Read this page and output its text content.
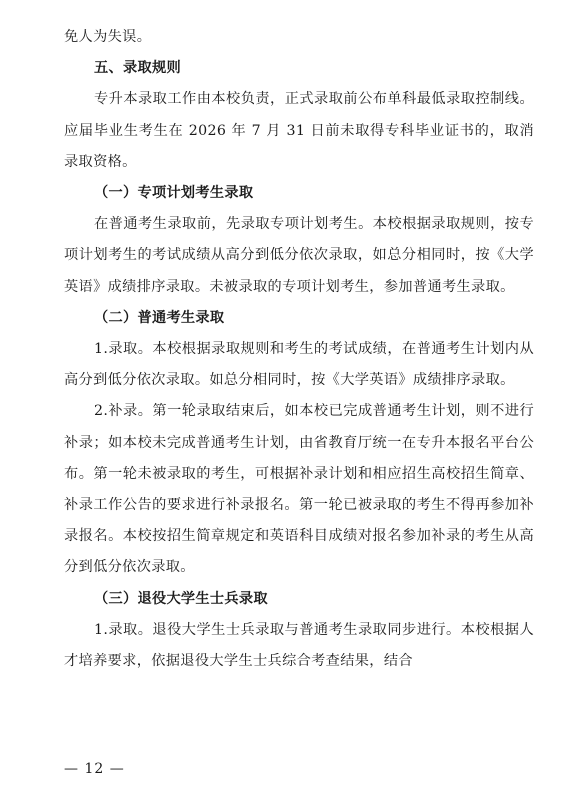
免人为失误。

五、录取规则

专升本录取工作由本校负责，正式录取前公布单科最低录取控制线。应届毕业生考生在 2026 年 7 月 31 日前未取得专科毕业证书的，取消录取资格。

（一）专项计划考生录取

在普通考生录取前，先录取专项计划考生。本校根据录取规则，按专项计划考生的考试成绩从高分到低分依次录取，如总分相同时，按《大学英语》成绩排序录取。未被录取的专项计划考生，参加普通考生录取。

（二）普通考生录取

1.录取。本校根据录取规则和考生的考试成绩，在普通考生计划内从高分到低分依次录取。如总分相同时，按《大学英语》成绩排序录取。

2.补录。第一轮录取结束后，如本校已完成普通考生计划，则不进行补录；如本校未完成普通考生计划，由省教育厅统一在专升本报名平台公布。第一轮未被录取的考生，可根据补录计划和相应招生高校招生简章、补录工作公告的要求进行补录报名。第一轮已被录取的考生不得再参加补录报名。本校按招生简章规定和英语科目成绩对报名参加补录的考生从高分到低分依次录取。

（三）退役大学生士兵录取

1.录取。退役大学生士兵录取与普通考生录取同步进行。本校根据人才培养要求，依据退役大学生士兵综合考查结果，结合

— 12 —
